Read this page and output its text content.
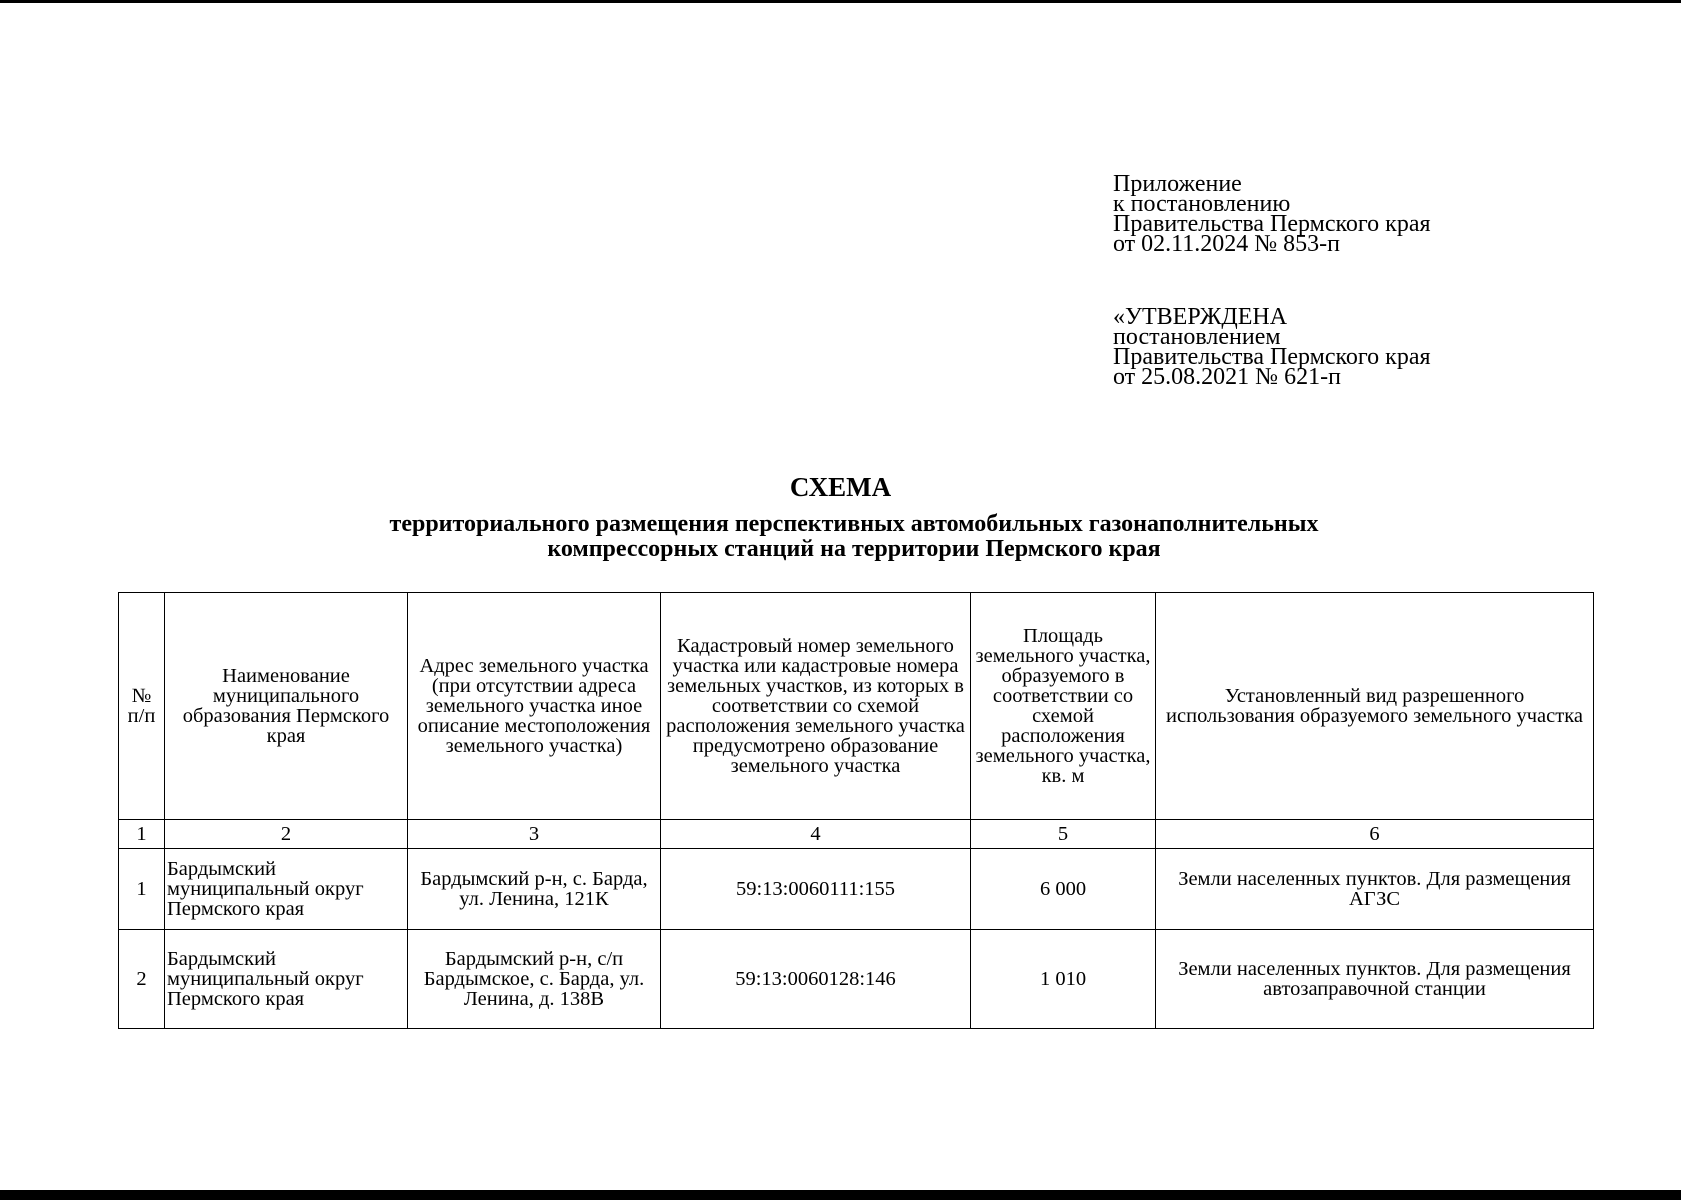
Приложение
к постановлению
Правительства Пермского края
от 02.11.2024 № 853-п
«УТВЕРЖДЕНА
постановлением
Правительства Пермского края
от 25.08.2021 № 621-п
СХЕМА
территориального размещения перспективных автомобильных газонаполнительных
компрессорных станций на территории Пермского края
№ п/п	Наименование муниципального образования Пермского края	Адрес земельного участка (при отсутствии адреса земельного участка иное описание местоположения земельного участка)	Кадастровый номер земельного участка или кадастровые номера земельных участков, из которых в соответствии со схемой расположения земельного участка предусмотрено образование земельного участка	Площадь земельного участка, образуемого в соответствии со схемой расположения земельного участка, кв. м	Установленный вид разрешенного использования образуемого земельного участка
1	2	3	4	5	6
1	Бардымский муниципальный округ Пермского края	Бардымский р-н, с. Барда, ул. Ленина, 121К	59:13:0060111:155	6 000	Земли населенных пунктов. Для размещения АГЗС
2	Бардымский муниципальный округ Пермского края	Бардымский р-н, с/п Бардымское, с. Барда, ул. Ленина, д. 138В	59:13:0060128:146	1 010	Земли населенных пунктов. Для размещения автозаправочной станции
